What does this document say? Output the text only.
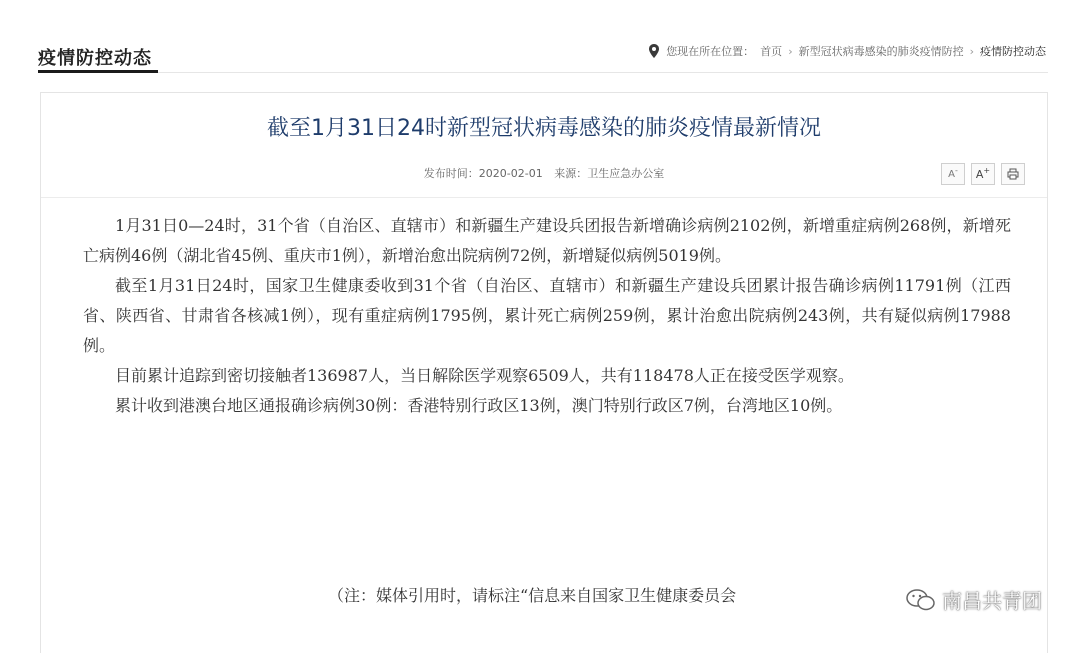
疫情防控动态	您现在所在位置： 首页 › 新型冠状病毒感染的肺炎疫情防控 › 疫情防控动态
截至1月31日24时新型冠状病毒感染的肺炎疫情最新情况
发布时间：2020-02-01 来源：卫生应急办公室	A- A+

1月31日0—24时，31个省（自治区、直辖市）和新疆生产建设兵团报告新增确诊病例2102例，新增重症病例268例，新增死亡病例46例（湖北省45例、重庆市1例），新增治愈出院病例72例，新增疑似病例5019例。

截至1月31日24时，国家卫生健康委收到31个省（自治区、直辖市）和新疆生产建设兵团累计报告确诊病例11791例（江西省、陕西省、甘肃省各核减1例），现有重症病例1795例，累计死亡病例259例，累计治愈出院病例243例，共有疑似病例17988例。

目前累计追踪到密切接触者136987人，当日解除医学观察6509人，共有118478人正在接受医学观察。

累计收到港澳台地区通报确诊病例30例：香港特别行政区13例，澳门特别行政区7例，台湾地区10例。

（注：媒体引用时，请标注“信息来自国家卫生健康委员会	南昌共青团
